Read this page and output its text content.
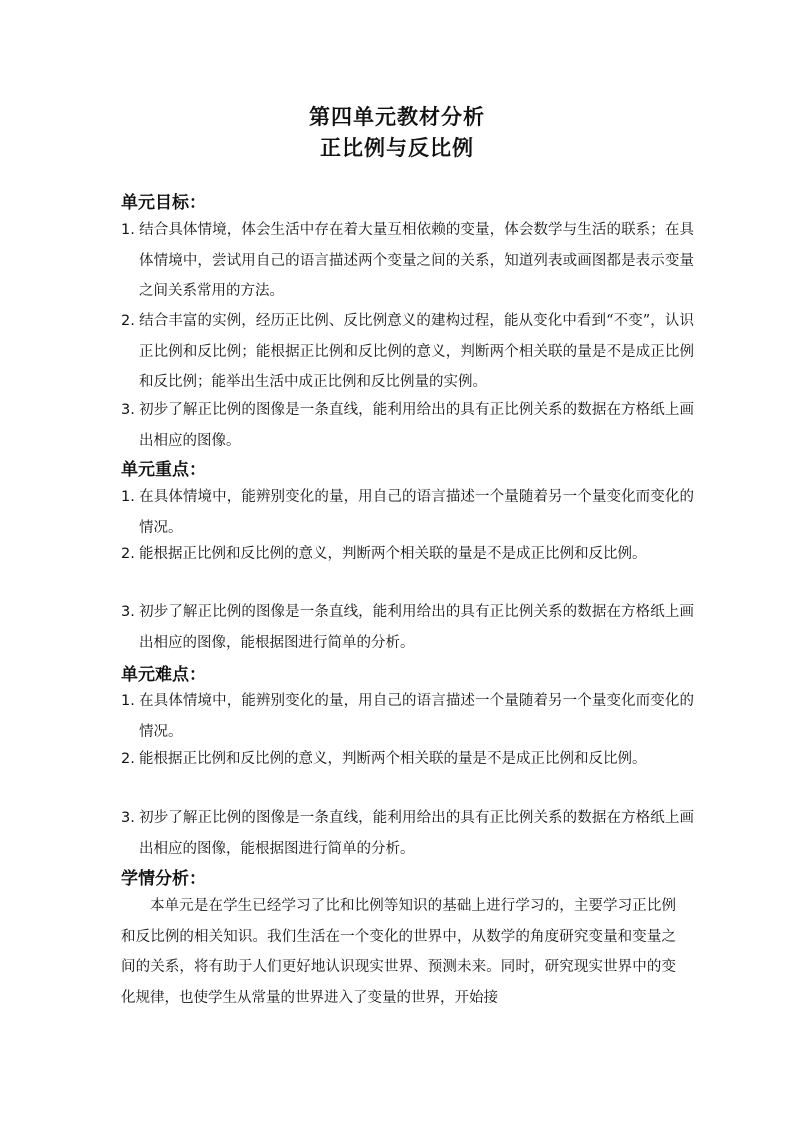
第四单元教材分析
正比例与反比例
单元目标：
1. 结合具体情境，体会生活中存在着大量互相依赖的变量，体会数学与生活的联系；在具体情境中，尝试用自己的语言描述两个变量之间的关系，知道列表或画图都是表示变量之间关系常用的方法。
2. 结合丰富的实例，经历正比例、反比例意义的建构过程，能从变化中看到“不变”，认识正比例和反比例；能根据正比例和反比例的意义，判断两个相关联的量是不是成正比例和反比例；能举出生活中成正比例和反比例量的实例。
3. 初步了解正比例的图像是一条直线，能利用给出的具有正比例关系的数据在方格纸上画出相应的图像。
单元重点：
1. 在具体情境中，能辨别变化的量，用自己的语言描述一个量随着另一个量变化而变化的情况。
2. 能根据正比例和反比例的意义，判断两个相关联的量是不是成正比例和反比例。
3. 初步了解正比例的图像是一条直线，能利用给出的具有正比例关系的数据在方格纸上画出相应的图像，能根据图进行简单的分析。
单元难点：
1. 在具体情境中，能辨别变化的量，用自己的语言描述一个量随着另一个量变化而变化的情况。
2. 能根据正比例和反比例的意义，判断两个相关联的量是不是成正比例和反比例。
3. 初步了解正比例的图像是一条直线，能利用给出的具有正比例关系的数据在方格纸上画出相应的图像，能根据图进行简单的分析。
学情分析：
本单元是在学生已经学习了比和比例等知识的基础上进行学习的，主要学习正比例和反比例的相关知识。我们生活在一个变化的世界中，从数学的角度研究变量和变量之间的关系，将有助于人们更好地认识现实世界、预测未来。同时，研究现实世界中的变化规律，也使学生从常量的世界进入了变量的世界，开始接
